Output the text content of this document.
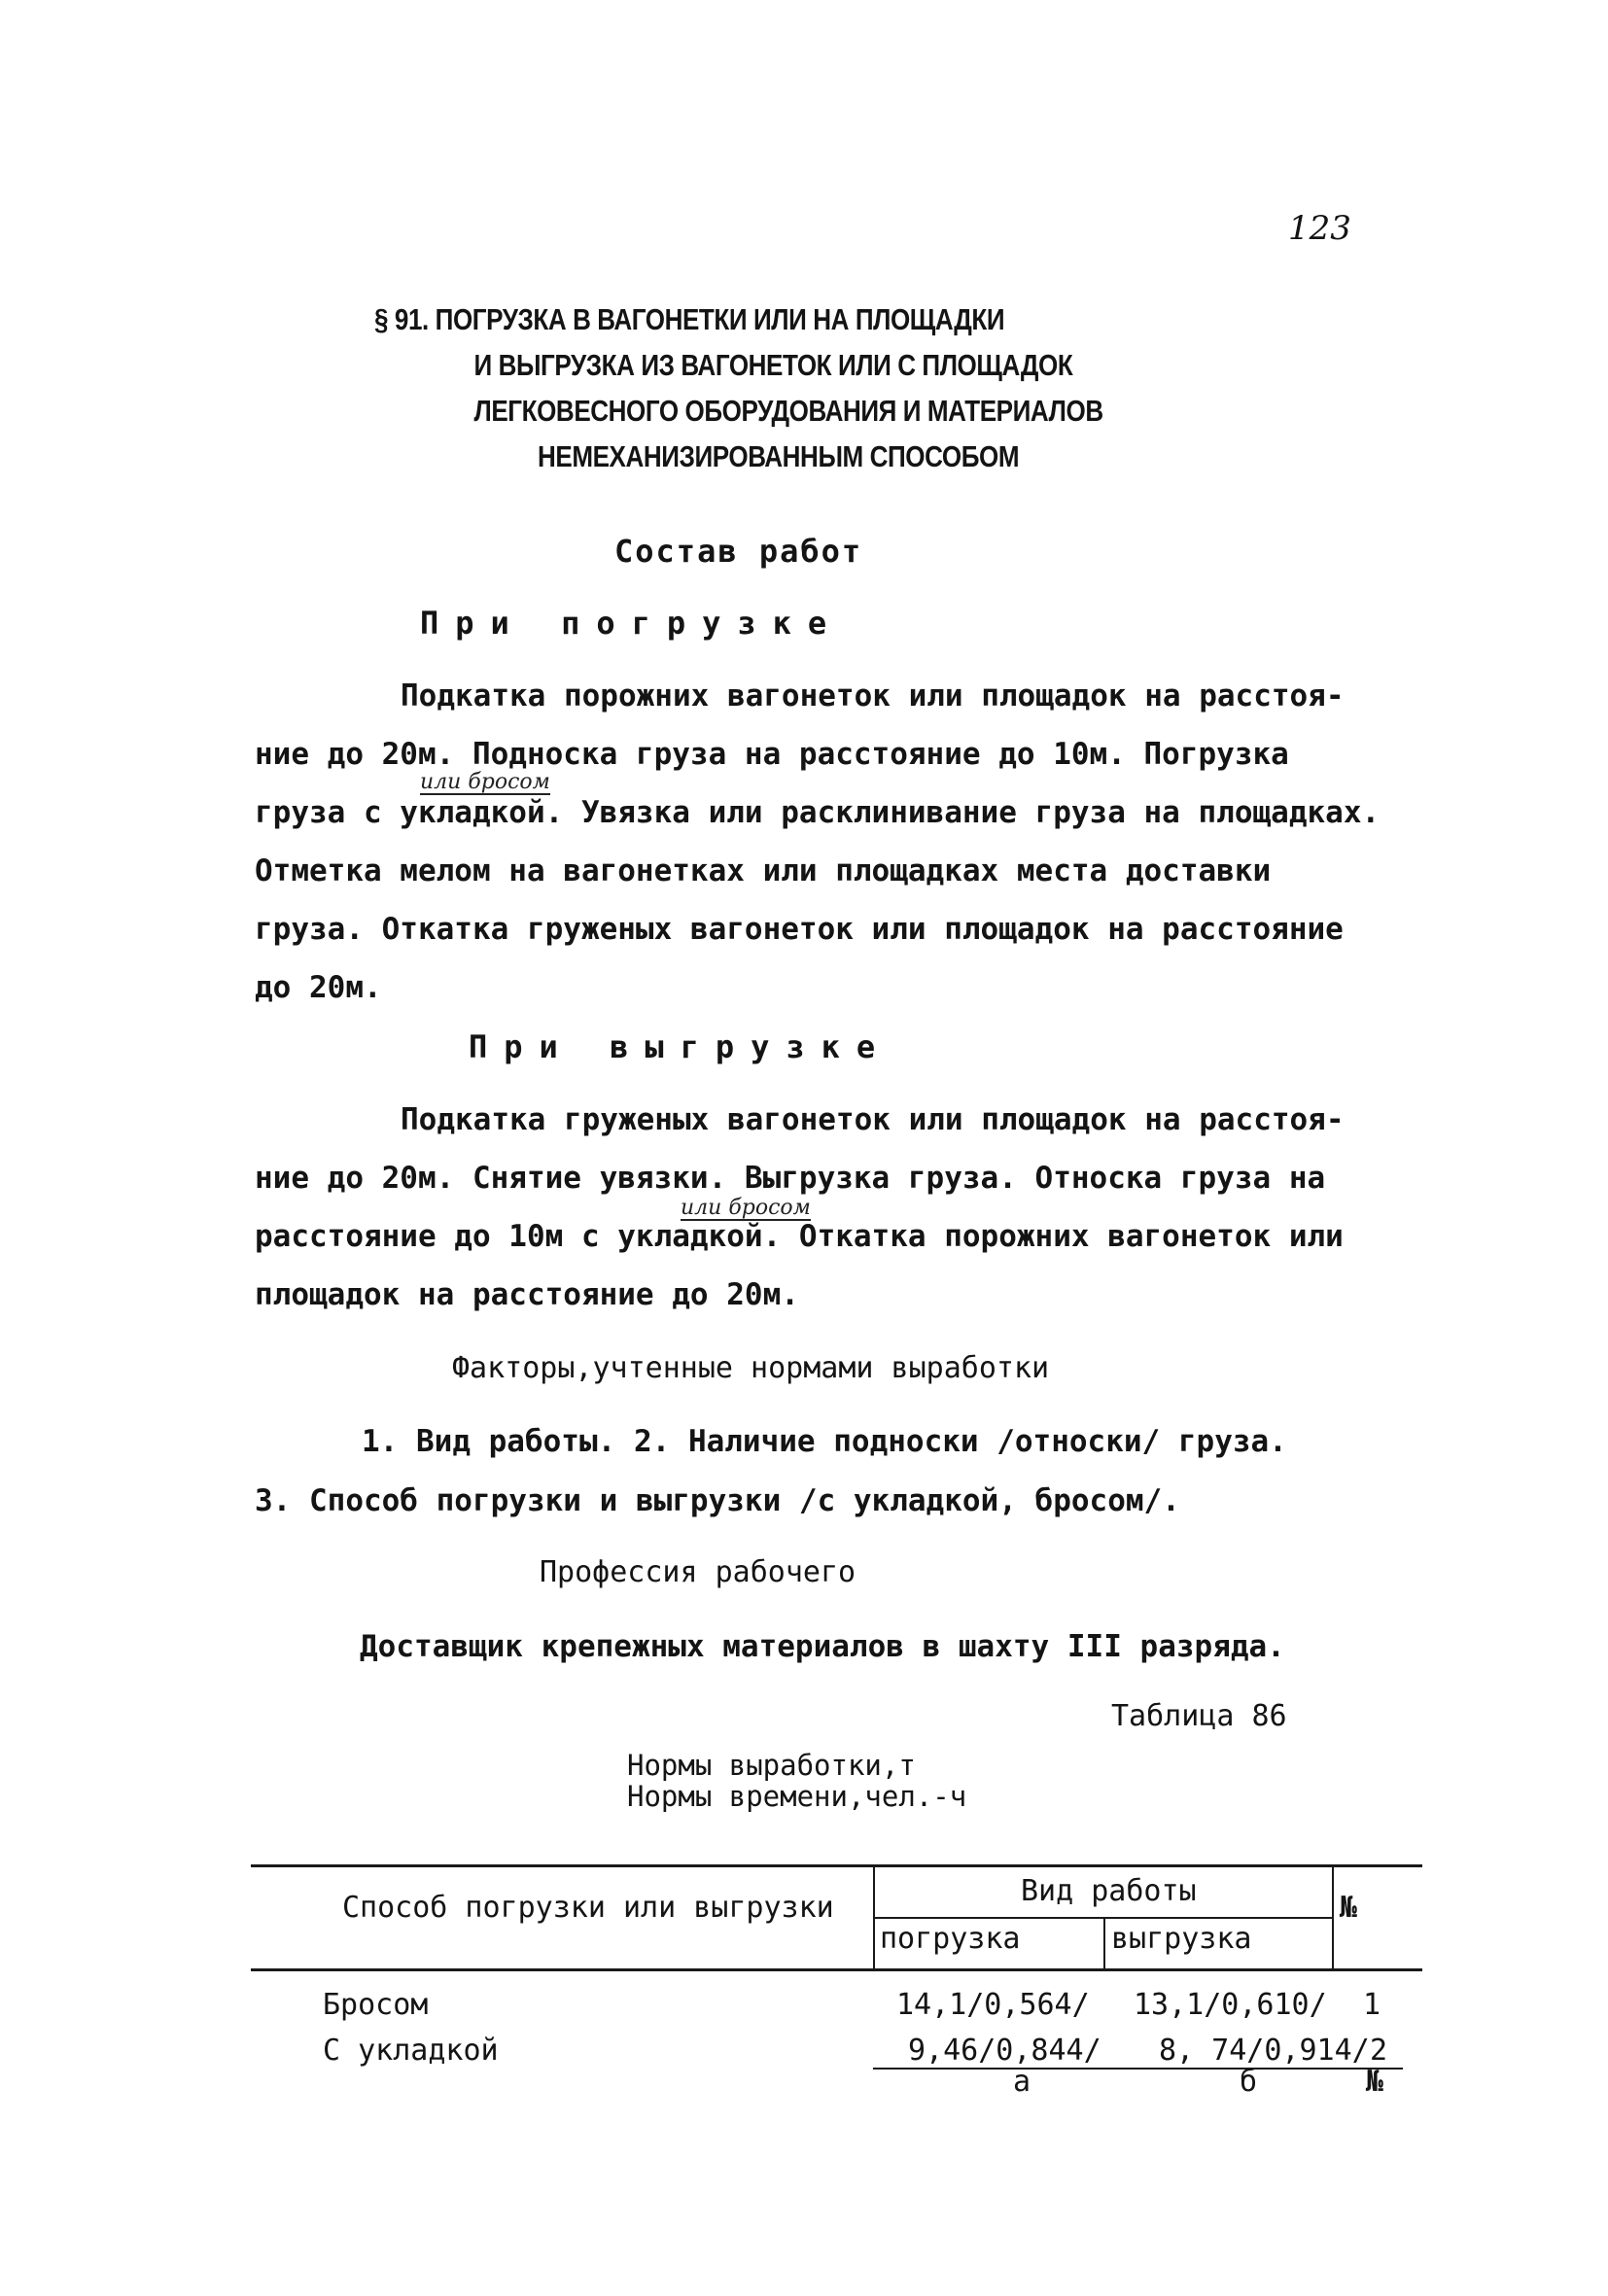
123
§ 91. ПОГРУЗКА В ВАГОНЕТКИ ИЛИ НА ПЛОЩАДКИ
И ВЫГРУЗКА ИЗ ВАГОНЕТОК ИЛИ С ПЛОЩАДОК
ЛЕГКОВЕСНОГО ОБОРУДОВАНИЯ И МАТЕРИАЛОВ
НЕМЕХАНИЗИРОВАННЫМ СПОСОБОМ
Состав работ
При погрузке
Подкатка порожних вагонеток или площадок на расстоя-
ние до 20м. Подноска груза на расстояние до 10м. Погрузка
груза с укладкой. Увязка или расклинивание груза на площадках.
Отметка мелом на вагонетках или площадках места доставки
груза. Откатка груженых вагонеток или площадок на расстояние
до 20м.
или бросом
При выгрузке
Подкатка груженых вагонеток или площадок на расстоя-
ние до 20м. Снятие увязки. Выгрузка груза. Относка груза на
расстояние до 10м с укладкой. Откатка порожних вагонеток или
площадок на расстояние до 20м.
или бросом
Факторы,учтенные нормами выработки
1. Вид работы. 2. Наличие подноски /относки/ груза.
3. Способ погрузки и выгрузки /с укладкой, бросом/.
Профессия рабочего
Доставщик крепежных материалов в шахту III разряда.
Таблица 86
Нормы выработки,т
Нормы времени,чел.-ч
Способ погрузки или выгрузки	Вид работы
погрузка	выгрузка
№
Бросом	14,1/0,564/ 13,1/0,610/ 1
С укладкой	9,46/0,844/ 8, 74/0,914/ 2
а	б	№
